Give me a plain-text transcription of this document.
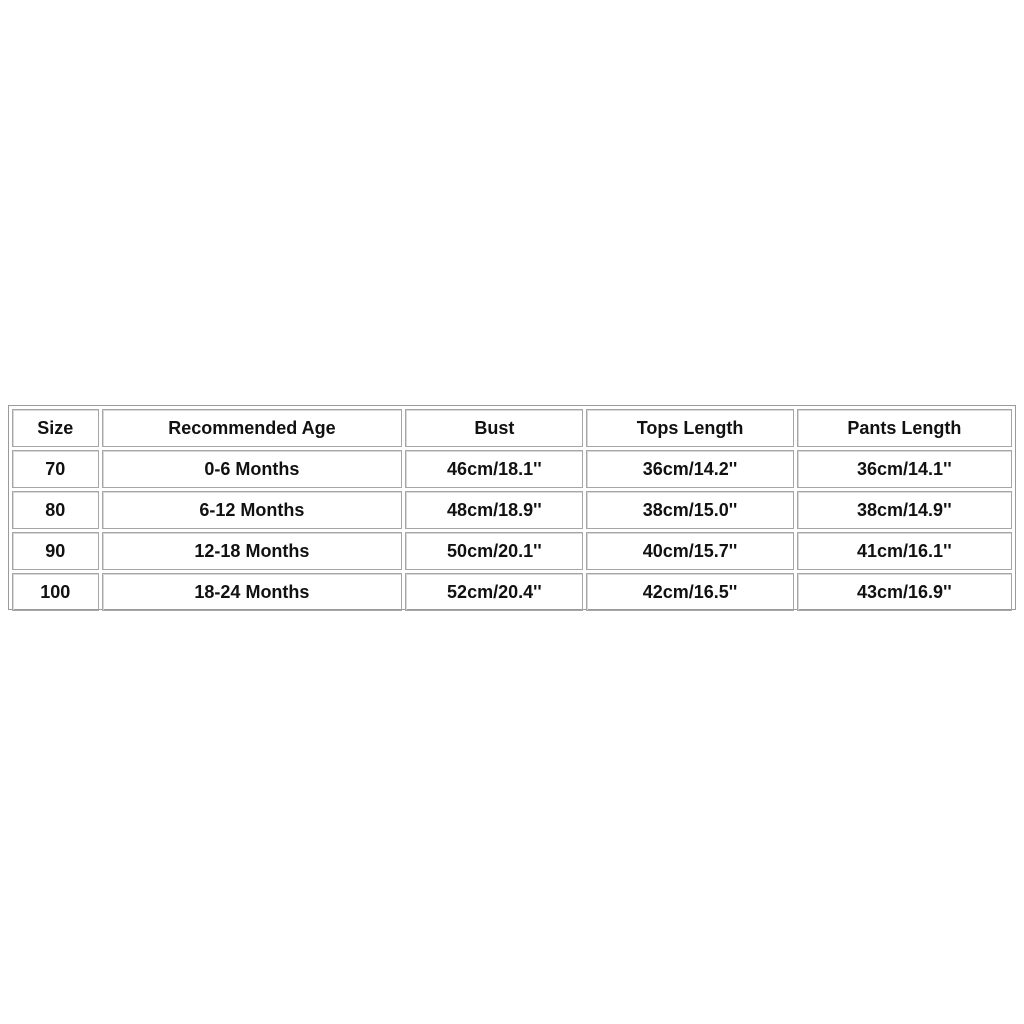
Size	Recommended Age	Bust	Tops Length	Pants Length
70	0-6 Months	46cm/18.1''	36cm/14.2''	36cm/14.1''
80	6-12 Months	48cm/18.9''	38cm/15.0''	38cm/14.9''
90	12-18 Months	50cm/20.1''	40cm/15.7''	41cm/16.1''
100	18-24 Months	52cm/20.4''	42cm/16.5''	43cm/16.9''
